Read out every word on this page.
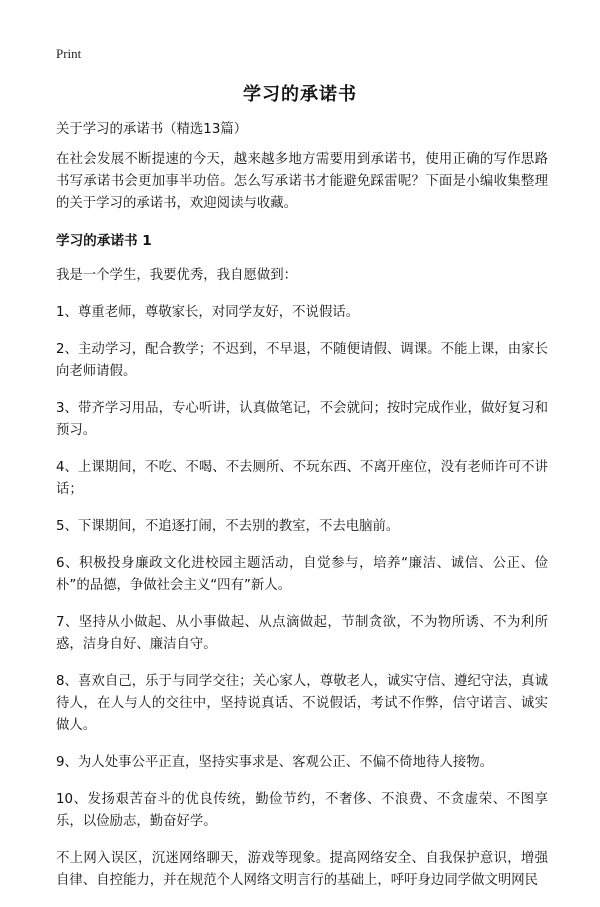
Print
学习的承诺书
关于学习的承诺书（精选13篇）
在社会发展不断提速的今天，越来越多地方需要用到承诺书，使用正确的写作思路书写承诺书会更加事半功倍。怎么写承诺书才能避免踩雷呢？下面是小编收集整理的关于学习的承诺书，欢迎阅读与收藏。
学习的承诺书 1
我是一个学生，我要优秀，我自愿做到：
1、尊重老师，尊敬家长，对同学友好，不说假话。
2、主动学习，配合教学；不迟到，不早退，不随便请假、调课。不能上课，由家长向老师请假。
3、带齐学习用品，专心听讲，认真做笔记，不会就问；按时完成作业，做好复习和预习。
4、上课期间，不吃、不喝、不去厕所、不玩东西、不离开座位，没有老师许可不讲话；
5、下课期间，不追逐打闹，不去别的教室，不去电脑前。
6、积极投身廉政文化进校园主题活动，自觉参与，培养“廉洁、诚信、公正、俭朴”的品德，争做社会主义“四有”新人。
7、坚持从小做起、从小事做起、从点滴做起，节制贪欲，不为物所诱、不为利所惑，洁身自好、廉洁自守。
8、喜欢自己，乐于与同学交往；关心家人，尊敬老人，诚实守信、遵纪守法，真诚待人，在人与人的交往中，坚持说真话、不说假话，考试不作弊，信守诺言、诚实做人。
9、为人处事公平正直，坚持实事求是、客观公正、不偏不倚地待人接物。
10、发扬艰苦奋斗的优良传统，勤俭节约，不奢侈、不浪费、不贪虚荣、不图享乐，以俭励志，勤奋好学。
不上网入误区，沉迷网络聊天，游戏等现象。提高网络安全、自我保护意识，增强自律、自控能力，并在规范个人网络文明言行的基础上，呼吁身边同学做文明网民
